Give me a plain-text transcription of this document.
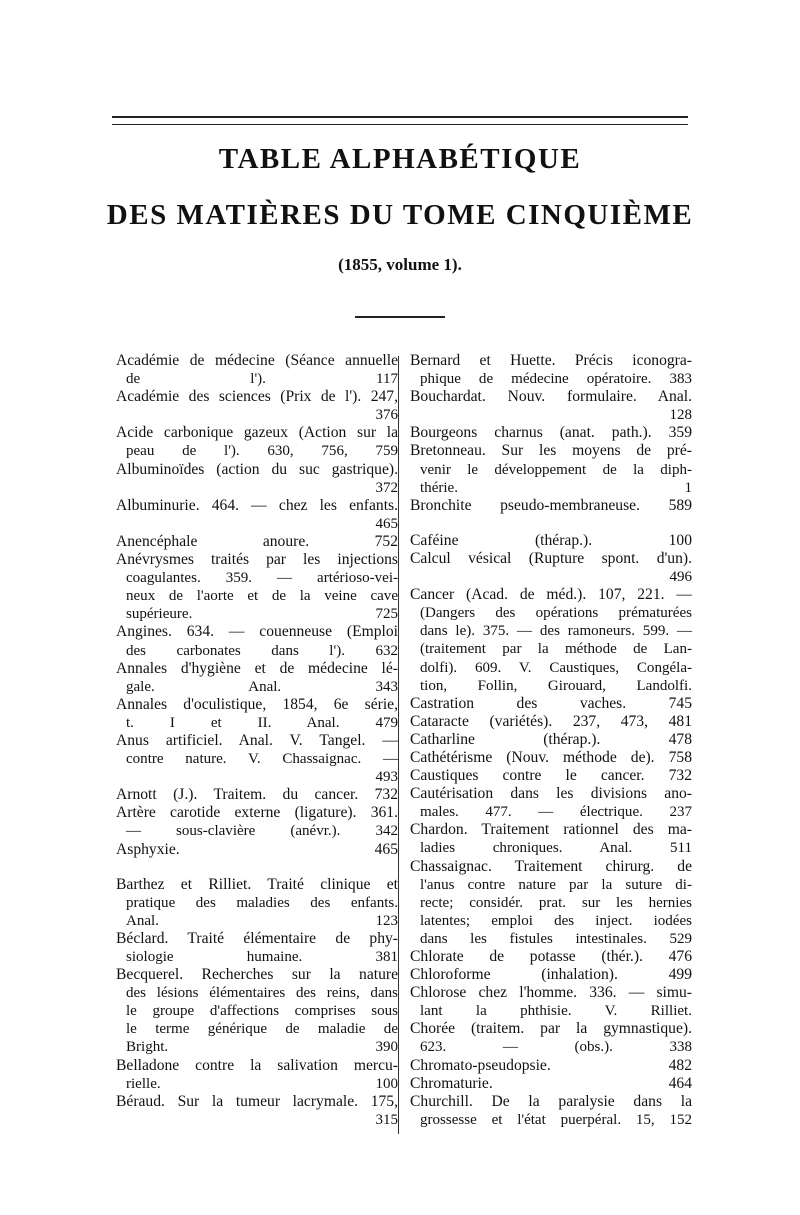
TABLE ALPHABÉTIQUE
DES MATIÈRES DU TOME CINQUIÈME
(1855, volume 1).
Académie de médecine (Séance annuelle
de l'). 117
Académie des sciences (Prix de l'). 247,
376
Acide carbonique gazeux (Action sur la
peau de l'). 630, 756, 759
Albuminoïdes (action du suc gastrique).
372
Albuminurie. 464. — chez les enfants.
465
Anencéphale anoure. 752
Anévrysmes traités par les injections
coagulantes. 359. — artérioso-vei-
neux de l'aorte et de la veine cave
supérieure. 725
Angines. 634. — couenneuse (Emploi
des carbonates dans l'). 632
Annales d'hygiène et de médecine lé-
gale. Anal. 343
Annales d'oculistique, 1854, 6e série,
t. I et II. Anal. 479
Anus artificiel. Anal. V. Tangel. —
contre nature. V. Chassaignac. —
493
Arnott (J.). Traitem. du cancer. 732
Artère carotide externe (ligature). 361.
— sous-clavière (anévr.). 342
Asphyxie. 465
Barthez et Rilliet. Traité clinique et
pratique des maladies des enfants.
Anal. 123
Béclard. Traité élémentaire de phy-
siologie humaine. 381
Becquerel. Recherches sur la nature
des lésions élémentaires des reins, dans
le groupe d'affections comprises sous
le terme générique de maladie de
Bright. 390
Belladone contre la salivation mercu-
rielle. 100
Béraud. Sur la tumeur lacrymale. 175,
315
Bernard et Huette. Précis iconogra-
phique de médecine opératoire. 383
Bouchardat. Nouv. formulaire. Anal.
128
Bourgeons charnus (anat. path.). 359
Bretonneau. Sur les moyens de pré-
venir le développement de la diph-
thérie. 1
Bronchite pseudo-membraneuse. 589
Caféine (thérap.). 100
Calcul vésical (Rupture spont. d'un).
496
Cancer (Acad. de méd.). 107, 221. —
(Dangers des opérations prématurées
dans le). 375. — des ramoneurs. 599. —
(traitement par la méthode de Lan-
dolfi). 609. V. Caustiques, Congéla-
tion, Follin, Girouard, Landolfi.
Castration des vaches. 745
Cataracte (variétés). 237, 473, 481
Catharline (thérap.). 478
Cathétérisme (Nouv. méthode de). 758
Caustiques contre le cancer. 732
Cautérisation dans les divisions ano-
males. 477. — électrique. 237
Chardon. Traitement rationnel des ma-
ladies chroniques. Anal. 511
Chassaignac. Traitement chirurg. de
l'anus contre nature par la suture di-
recte; considér. prat. sur les hernies
latentes; emploi des inject. iodées
dans les fistules intestinales. 529
Chlorate de potasse (thér.). 476
Chloroforme (inhalation). 499
Chlorose chez l'homme. 336. — simu-
lant la phthisie. V. Rilliet.
Chorée (traitem. par la gymnastique).
623. — (obs.). 338
Chromato-pseudopsie. 482
Chromaturie. 464
Churchill. De la paralysie dans la
grossesse et l'état puerpéral. 15, 152
